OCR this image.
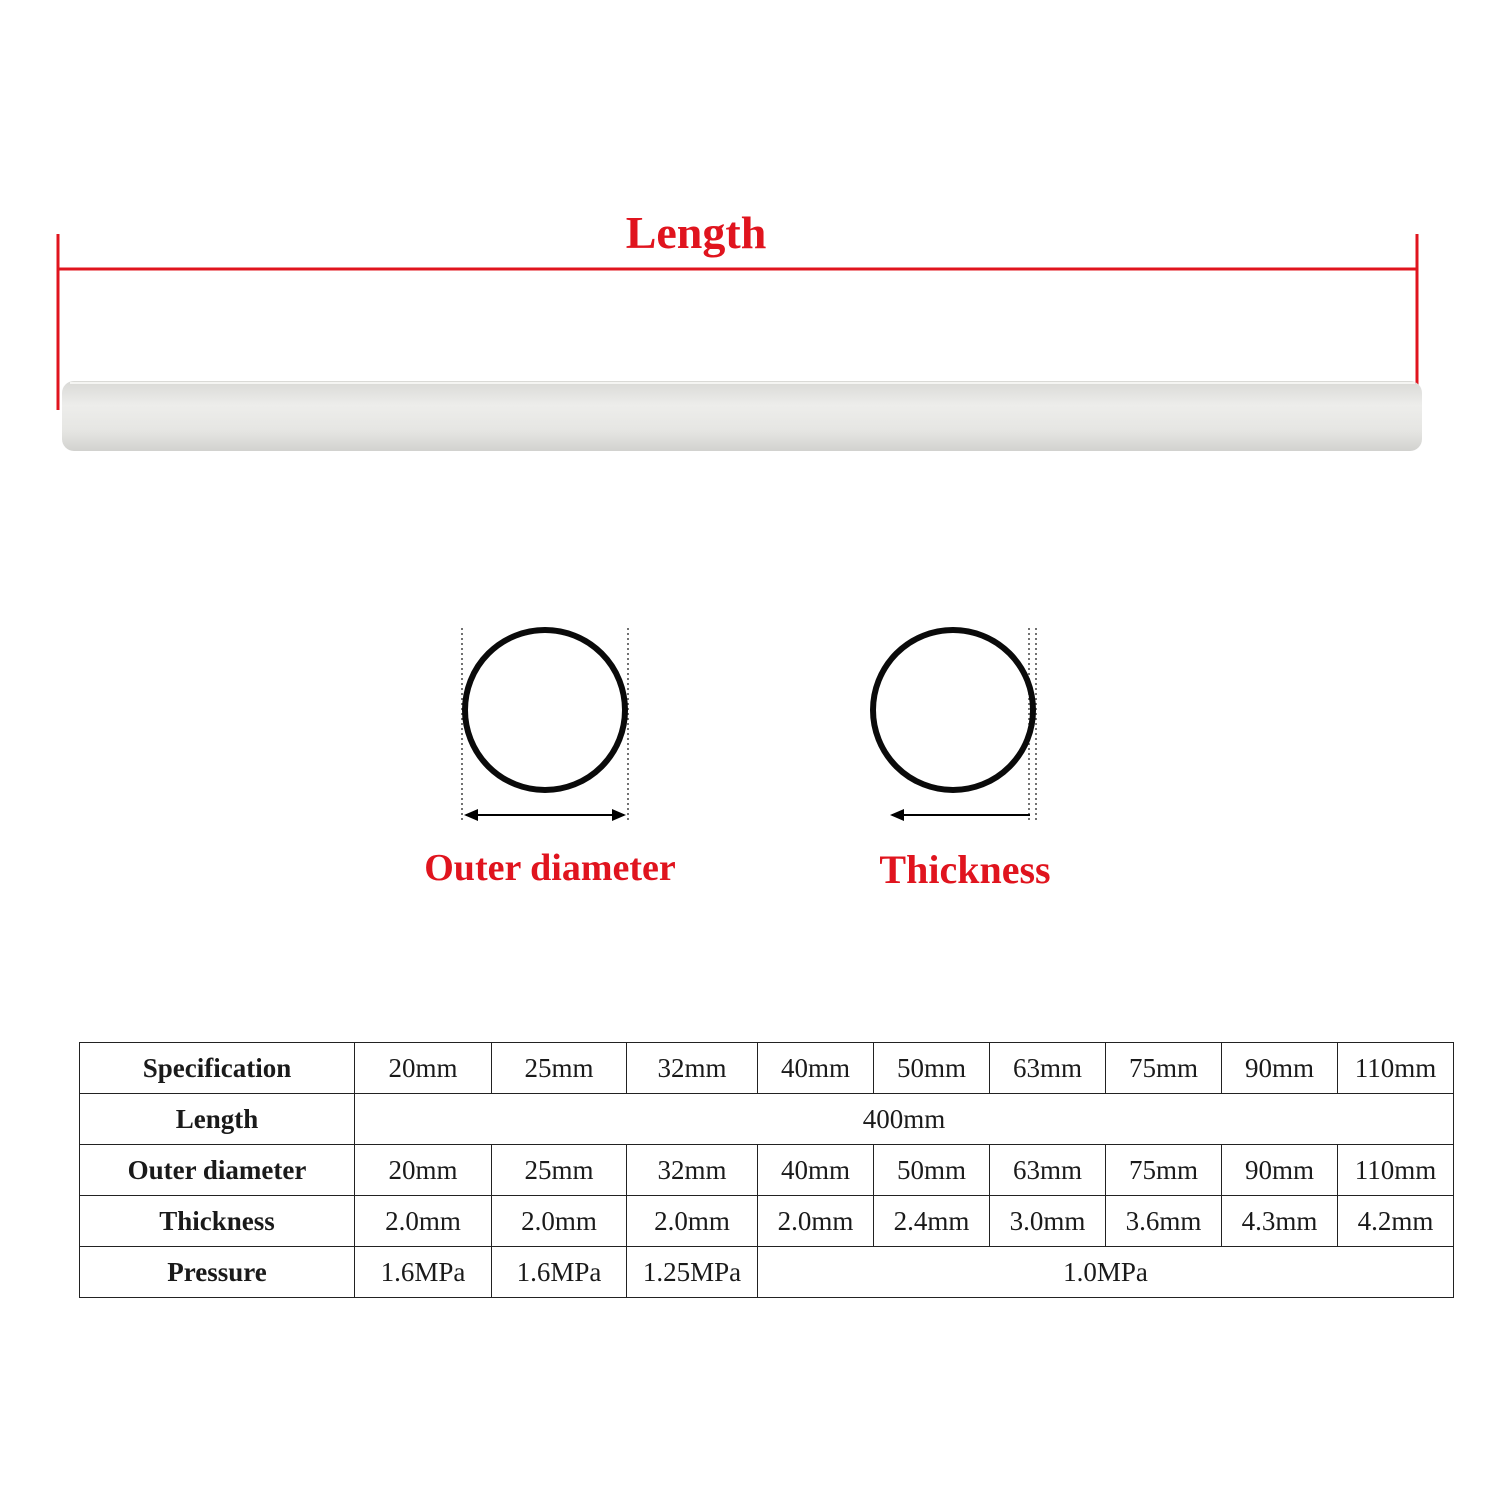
Length
Outer diameter	Thickness
Specification	20mm	25mm	32mm	40mm	50mm	63mm	75mm	90mm	110mm
Length	400mm								
Outer diameter	20mm	25mm	32mm	40mm	50mm	63mm	75mm	90mm	110mm
Thickness	2.0mm	2.0mm	2.0mm	2.0mm	2.4mm	3.0mm	3.6mm	4.3mm	4.2mm
Pressure	1.6MPa	1.6MPa	1.25MPa	1.0MPa					
